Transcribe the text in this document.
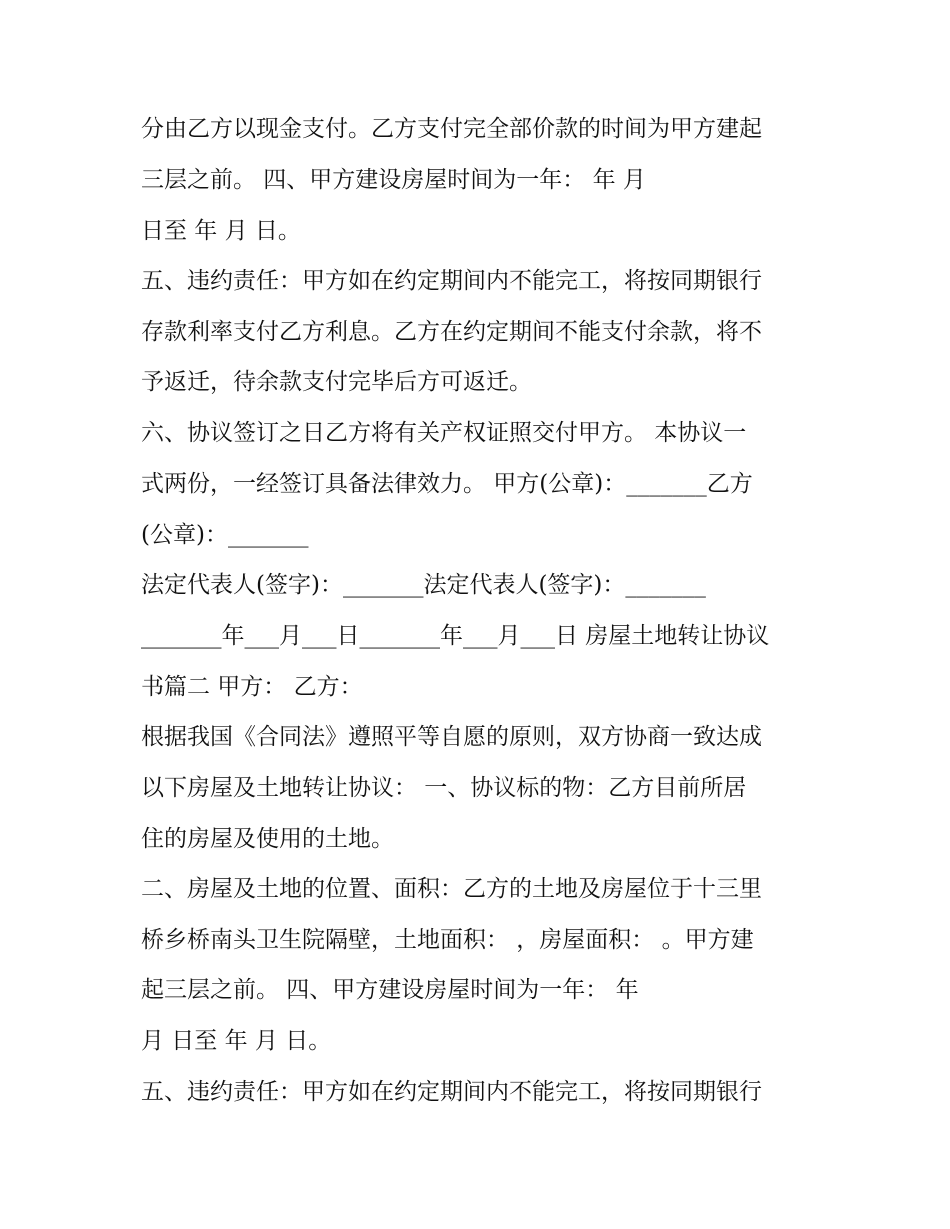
分由乙方以现金支付。乙方支付完全部价款的时间为甲方建起
三层之前。 四、甲方建设房屋时间为一年： 年 月
日至 年 月 日。
五、违约责任：甲方如在约定期间内不能完工，将按同期银行
存款利率支付乙方利息。乙方在约定期间不能支付余款，将不
予返迁，待余款支付完毕后方可返迁。
六、协议签订之日乙方将有关产权证照交付甲方。 本协议一
式两份，一经签订具备法律效力。 甲方(公章)：_______乙方
(公章)：_______
法定代表人(签字)：_______法定代表人(签字)：_______
_______年___月___日_______年___月___日 房屋土地转让协议
书篇二 甲方： 乙方：
根据我国《合同法》遵照平等自愿的原则，双方协商一致达成
以下房屋及土地转让协议： 一、协议标的物：乙方目前所居
住的房屋及使用的土地。
二、房屋及土地的位置、面积：乙方的土地及房屋位于十三里
桥乡桥南头卫生院隔壁，土地面积： ，房屋面积： 。甲方建
起三层之前。 四、甲方建设房屋时间为一年： 年
月 日至 年 月 日。
五、违约责任：甲方如在约定期间内不能完工，将按同期银行
